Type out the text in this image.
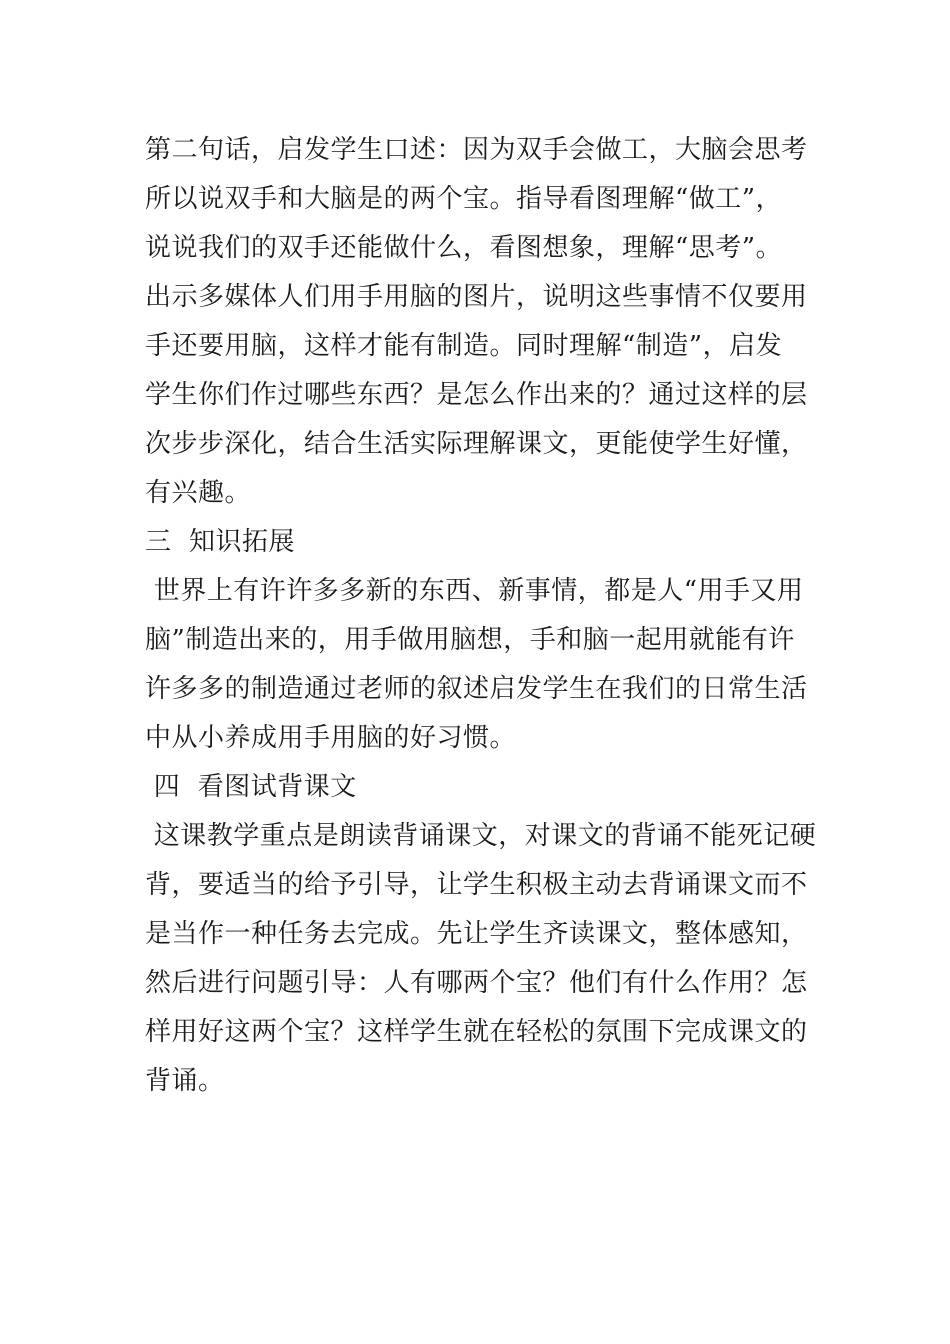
第二句话，启发学生口述：因为双手会做工，大脑会思考
所以说双手和大脑是的两个宝。指导看图理解“做工”，
说说我们的双手还能做什么，看图想象，理解“思考”。
出示多媒体人们用手用脑的图片，说明这些事情不仅要用
手还要用脑，这样才能有制造。同时理解“制造”，启发
学生你们作过哪些东西？是怎么作出来的？通过这样的层
次步步深化，结合生活实际理解课文，更能使学生好懂，
有兴趣。
三  知识拓展
世界上有许许多多新的东西、新事情，都是人“用手又用
脑”制造出来的，用手做用脑想，手和脑一起用就能有许
许多多的制造通过老师的叙述启发学生在我们的日常生活
中从小养成用手用脑的好习惯。
四  看图试背课文
这课教学重点是朗读背诵课文，对课文的背诵不能死记硬
背，要适当的给予引导，让学生积极主动去背诵课文而不
是当作一种任务去完成。先让学生齐读课文，整体感知，
然后进行问题引导：人有哪两个宝？他们有什么作用？怎
样用好这两个宝？这样学生就在轻松的氛围下完成课文的
背诵。
